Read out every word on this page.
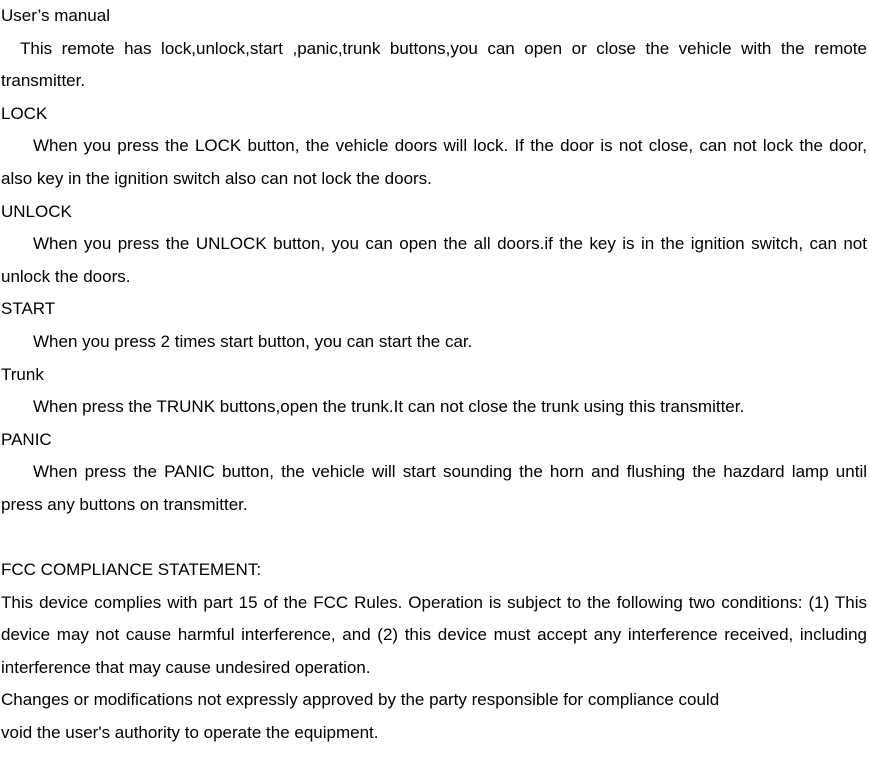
User’s manual
This remote has lock,unlock,start ,panic,trunk buttons,you can open or close the vehicle with the remote transmitter.
LOCK
When you press the LOCK button, the vehicle doors will lock. If the door is not close, can not lock the door, also key in the ignition switch also can not lock the doors.
UNLOCK
When you press the UNLOCK button, you can open the all doors.if the key is in the ignition switch, can not unlock the doors.
START
When you press 2 times start button, you can start the car.
Trunk
When press the TRUNK buttons,open the trunk.It can not close the trunk using this transmitter.
PANIC
When press the PANIC button, the vehicle will start sounding the horn and flushing the hazdard lamp until press any buttons on transmitter.
FCC COMPLIANCE STATEMENT:
This device complies with part 15 of the FCC Rules. Operation is subject to the following two conditions: (1) This device may not cause harmful interference, and (2) this device must accept any interference received, including interference that may cause undesired operation.
Changes or modifications not expressly approved by the party responsible for compliance could
void the user's authority to operate the equipment.
